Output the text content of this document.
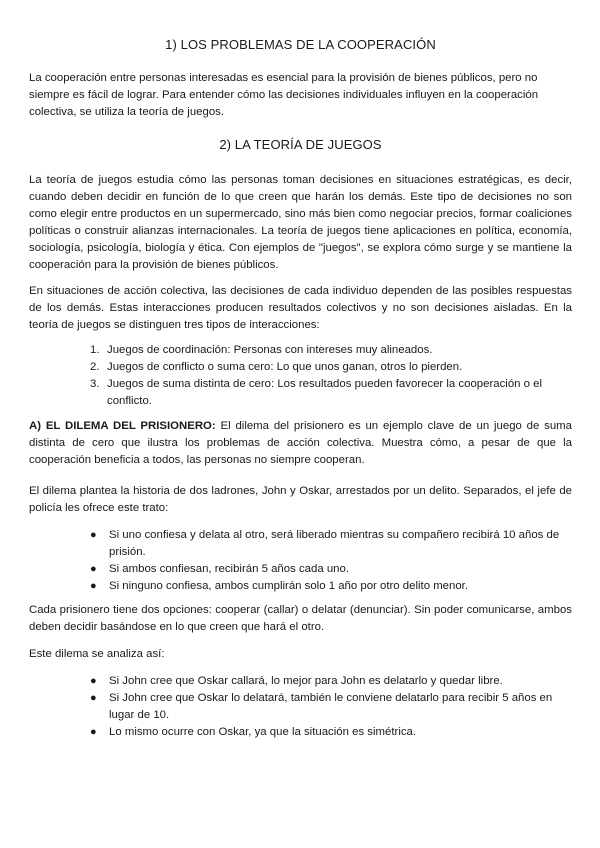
1) LOS PROBLEMAS DE LA COOPERACIÓN

La cooperación entre personas interesadas es esencial para la provisión de bienes públicos, pero no siempre es fácil de lograr. Para entender cómo las decisiones individuales influyen en la cooperación colectiva, se utiliza la teoría de juegos.

2) LA TEORÍA DE JUEGOS

La teoría de juegos estudia cómo las personas toman decisiones en situaciones estratégicas, es decir, cuando deben decidir en función de lo que creen que harán los demás. Este tipo de decisiones no son como elegir entre productos en un supermercado, sino más bien como negociar precios, formar coaliciones políticas o construir alianzas internacionales. La teoría de juegos tiene aplicaciones en política, economía, sociología, psicología, biología y ética. Con ejemplos de "juegos", se explora cómo surge y se mantiene la cooperación para la provisión de bienes públicos.

En situaciones de acción colectiva, las decisiones de cada individuo dependen de las posibles respuestas de los demás. Estas interacciones producen resultados colectivos y no son decisiones aisladas. En la teoría de juegos se distinguen tres tipos de interacciones:

1. Juegos de coordinación: Personas con intereses muy alineados.
2. Juegos de conflicto o suma cero: Lo que unos ganan, otros lo pierden.
3. Juegos de suma distinta de cero: Los resultados pueden favorecer la cooperación o el conflicto.

A) EL DILEMA DEL PRISIONERO: El dilema del prisionero es un ejemplo clave de un juego de suma distinta de cero que ilustra los problemas de acción colectiva. Muestra cómo, a pesar de que la cooperación beneficia a todos, las personas no siempre cooperan.

El dilema plantea la historia de dos ladrones, John y Oskar, arrestados por un delito. Separados, el jefe de policía les ofrece este trato:

● Si uno confiesa y delata al otro, será liberado mientras su compañero recibirá 10 años de prisión.
● Si ambos confiesan, recibirán 5 años cada uno.
● Si ninguno confiesa, ambos cumplirán solo 1 año por otro delito menor.

Cada prisionero tiene dos opciones: cooperar (callar) o delatar (denunciar). Sin poder comunicarse, ambos deben decidir basándose en lo que creen que hará el otro.

Este dilema se analiza así:

● Si John cree que Oskar callará, lo mejor para John es delatarlo y quedar libre.
● Si John cree que Oskar lo delatará, también le conviene delatarlo para recibir 5 años en lugar de 10.
● Lo mismo ocurre con Oskar, ya que la situación es simétrica.
